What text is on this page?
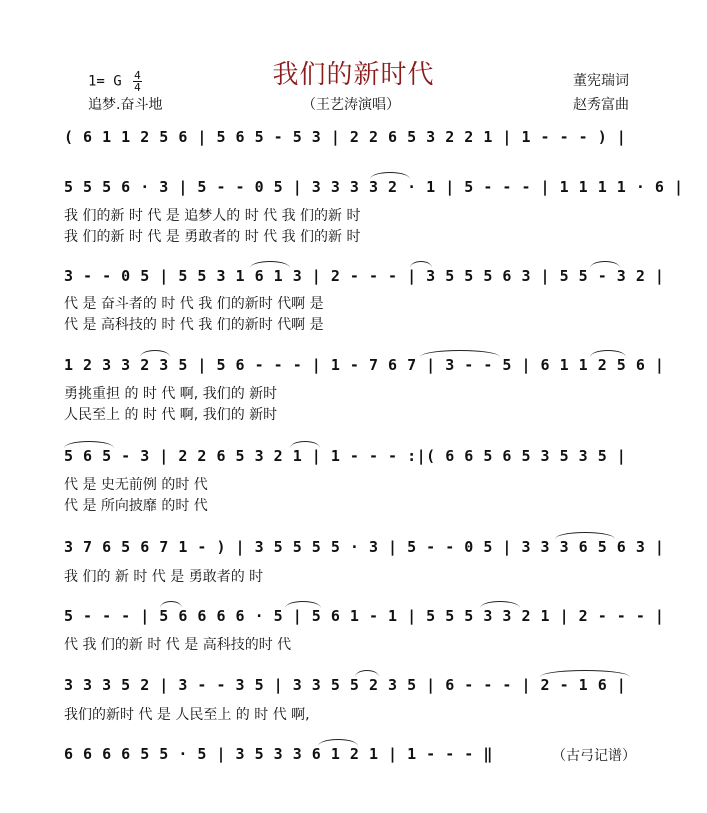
我们的新时代
1= G $\frac{4}{4}$
追梦.奋斗地	（王艺涛演唱）
董宪瑞词
赵秀富曲
( 6 1 1 2 5 6 | 5 6 5 - 5 3 | 2 2 6 5 3 2 2 1 | 1 - - - ) |
5 5 5 6 · 3 | 5 - - 0 5 | 3 3 3 3 2 · 1 | 5 - - - | 1 1 1 1 · 6 |
我 们的新 时 代 是 追梦人的 时 代 我 们的新 时
我 们的新 时 代 是 勇敢者的 时 代 我 们的新 时
3 - - 0 5 | 5 5 3 1 6 1 3 | 2 - - - | 3 5 5 5 6 3 | 5 5 - 3 2 |
代 是 奋斗者的 时 代 我 们的新时 代啊 是
代 是 高科技的 时 代 我 们的新时 代啊 是
1 2 3 3 2 3 5 | 5 6 - - - | 1 - 7 6 7 | 3 - - 5 | 6 1 1 2 5 6 |
勇挑重担 的 时 代 啊, 我们的 新时
人民至上 的 时 代 啊, 我们的 新时
5 6 5 - 3 | 2 2 6 5 3 2 1 | 1 - - - :|( 6 6 5 6 5 3 5 3 5 |
代 是 史无前例 的时 代
代 是 所向披靡 的时 代
3 7 6 5 6 7 1 - ) | 3 5 5 5 5 · 3 | 5 - - 0 5 | 3 3 3 6 5 6 3 |
我 们的 新 时 代 是 勇敢者的 时
5 - - - | 5 6 6 6 6 · 5 | 5 6 1 - 1 | 5 5 5 3 3 2 1 | 2 - - - |
代 我 们的新 时 代 是 高科技的时 代
3 3 3 5 2 | 3 - - 3 5 | 3 3 5 5 2 3 5 | 6 - - - | 2 - 1 6 |
我们的新时 代 是 人民至上 的 时 代 啊,
6 6 6 6 5 5 · 5 | 3 5 3 3 6 1 2 1 | 1 - - - ‖	（古弓记谱）
